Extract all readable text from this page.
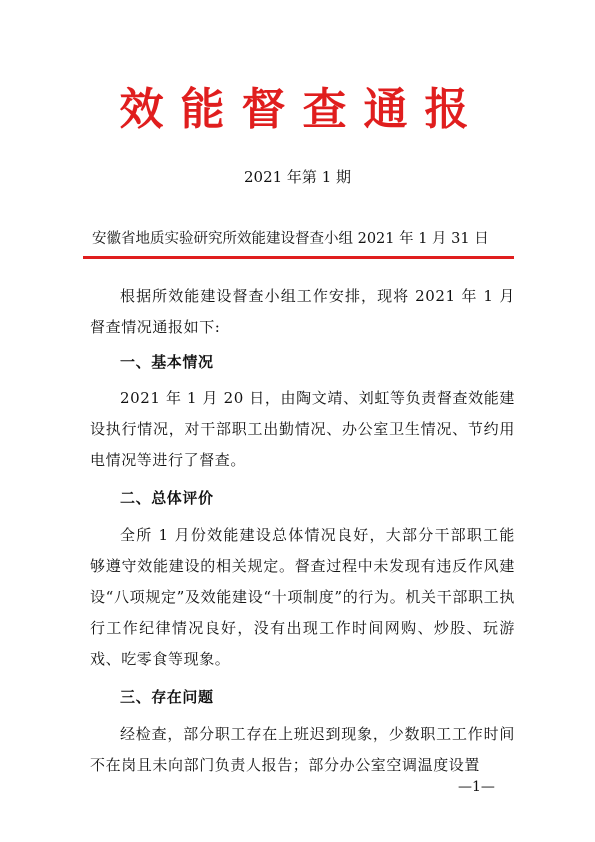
效能督查通报
2021 年第 1 期
安徽省地质实验研究所效能建设督查小组 2021 年 1 月 31 日

根据所效能建设督查小组工作安排，现将 2021 年 1 月督查情况通报如下:

一、基本情况

2021 年 1 月 20 日，由陶文靖、刘虹等负责督查效能建设执行情况，对干部职工出勤情况、办公室卫生情况、节约用电情况等进行了督查。

二、总体评价

全所 1 月份效能建设总体情况良好，大部分干部职工能够遵守效能建设的相关规定。督查过程中未发现有违反作风建设“八项规定”及效能建设“十项制度”的行为。机关干部职工执行工作纪律情况良好，没有出现工作时间网购、炒股、玩游戏、吃零食等现象。

三、存在问题

经检查，部分职工存在上班迟到现象，少数职工工作时间不在岗且未向部门负责人报告；部分办公室空调温度设置

—1—
